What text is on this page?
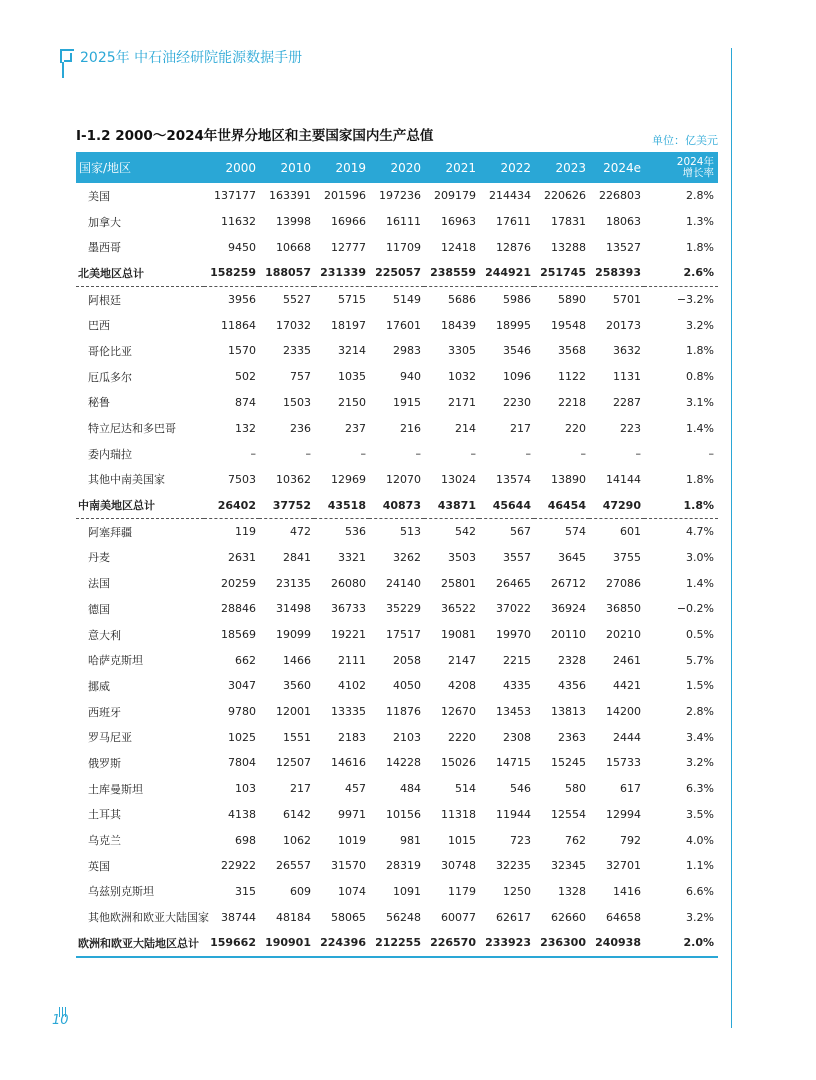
2025年 中石油经研院能源数据手册
I-1.2 2000～2024年世界分地区和主要国家国内生产总值	单位：亿美元
国家/地区	2000	2010	2019	2020	2021	2022	2023	2024e	2024年
增长率

美国	137177	163391	201596	197236	209179	214434	220626	226803	2.8%
加拿大	11632	13998	16966	16111	16963	17611	17831	18063	1.3%
墨西哥	9450	10668	12777	11709	12418	12876	13288	13527	1.8%
北美地区总计	158259	188057	231339	225057	238559	244921	251745	258393	2.6%
阿根廷	3956	5527	5715	5149	5686	5986	5890	5701	−3.2%
巴西	11864	17032	18197	17601	18439	18995	19548	20173	3.2%
哥伦比亚	1570	2335	3214	2983	3305	3546	3568	3632	1.8%
厄瓜多尔	502	757	1035	940	1032	1096	1122	1131	0.8%
秘鲁	874	1503	2150	1915	2171	2230	2218	2287	3.1%
特立尼达和多巴哥	132	236	237	216	214	217	220	223	1.4%
委内瑞拉	–	–	–	–	–	–	–	–	–
其他中南美国家	7503	10362	12969	12070	13024	13574	13890	14144	1.8%
中南美地区总计	26402	37752	43518	40873	43871	45644	46454	47290	1.8%
阿塞拜疆	119	472	536	513	542	567	574	601	4.7%
丹麦	2631	2841	3321	3262	3503	3557	3645	3755	3.0%
法国	20259	23135	26080	24140	25801	26465	26712	27086	1.4%
德国	28846	31498	36733	35229	36522	37022	36924	36850	−0.2%
意大利	18569	19099	19221	17517	19081	19970	20110	20210	0.5%
哈萨克斯坦	662	1466	2111	2058	2147	2215	2328	2461	5.7%
挪威	3047	3560	4102	4050	4208	4335	4356	4421	1.5%
西班牙	9780	12001	13335	11876	12670	13453	13813	14200	2.8%
罗马尼亚	1025	1551	2183	2103	2220	2308	2363	2444	3.4%
俄罗斯	7804	12507	14616	14228	15026	14715	15245	15733	3.2%
土库曼斯坦	103	217	457	484	514	546	580	617	6.3%
土耳其	4138	6142	9971	10156	11318	11944	12554	12994	3.5%
乌克兰	698	1062	1019	981	1015	723	762	792	4.0%
英国	22922	26557	31570	28319	30748	32235	32345	32701	1.1%
乌兹别克斯坦	315	609	1074	1091	1179	1250	1328	1416	6.6%
其他欧洲和欧亚大陆国家	38744	48184	58065	56248	60077	62617	62660	64658	3.2%
欧洲和欧亚大陆地区总计	159662	190901	224396	212255	226570	233923	236300	240938	2.0%
10
